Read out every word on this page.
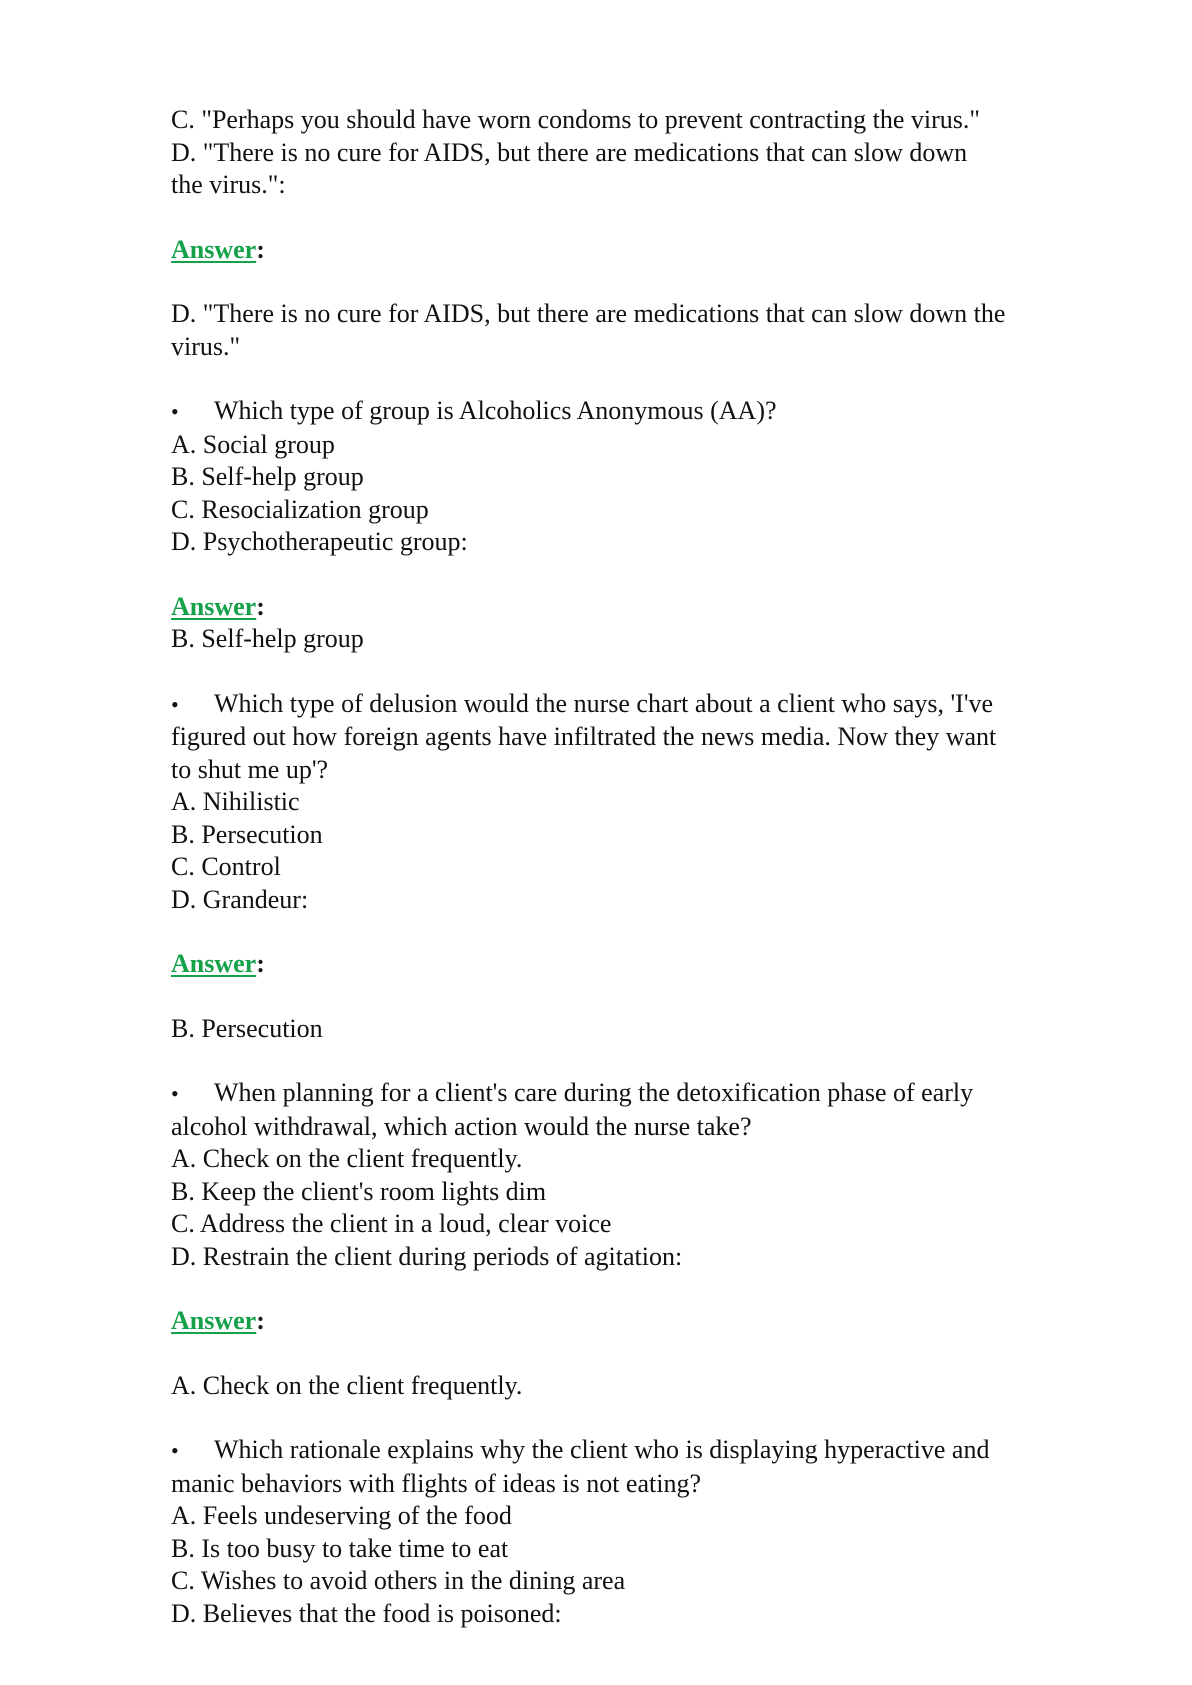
C. "Perhaps you should have worn condoms to prevent contracting the virus."
D. "There is no cure for AIDS, but there are medications that can slow down
the virus.":
Answer:
D. "There is no cure for AIDS, but there are medications that can slow down the
virus."
• Which type of group is Alcoholics Anonymous (AA)?
A. Social group
B. Self-help group
C. Resocialization group
D. Psychotherapeutic group:
Answer:
B. Self-help group
• Which type of delusion would the nurse chart about a client who says, 'I've
figured out how foreign agents have infiltrated the news media. Now they want
to shut me up'?
A. Nihilistic
B. Persecution
C. Control
D. Grandeur:
Answer:
B. Persecution
• When planning for a client's care during the detoxification phase of early
alcohol withdrawal, which action would the nurse take?
A. Check on the client frequently.
B. Keep the client's room lights dim
C. Address the client in a loud, clear voice
D. Restrain the client during periods of agitation:
Answer:
A. Check on the client frequently.
• Which rationale explains why the client who is displaying hyperactive and
manic behaviors with flights of ideas is not eating?
A. Feels undeserving of the food
B. Is too busy to take time to eat
C. Wishes to avoid others in the dining area
D. Believes that the food is poisoned:
